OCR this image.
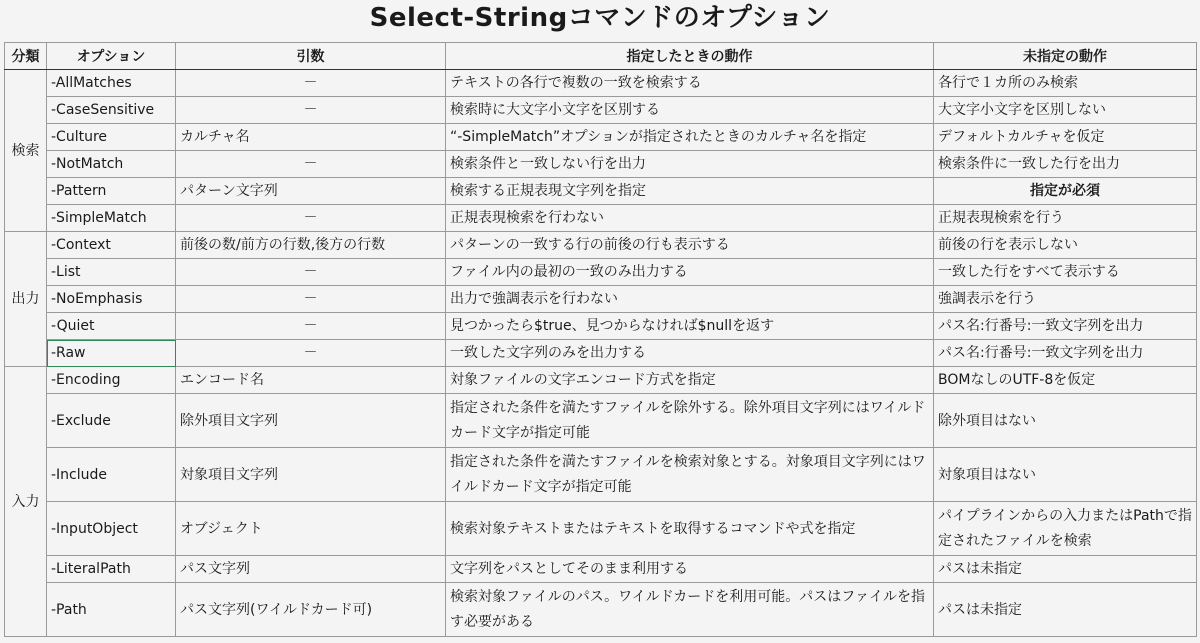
Select-Stringコマンドのオプション
分類	オプション	引数	指定したときの動作	未指定の動作
検索	-AllMatches	－	テキストの各行で複数の一致を検索する	各行で１カ所のみ検索
	-CaseSensitive	－	検索時に大文字小文字を区別する	大文字小文字を区別しない
	-Culture	カルチャ名	“-SimpleMatch”オプションが指定されたときのカルチャ名を指定	デフォルトカルチャを仮定
	-NotMatch	－	検索条件と一致しない行を出力	検索条件に一致した行を出力
	-Pattern	パターン文字列	検索する正規表現文字列を指定	指定が必須
	-SimpleMatch	－	正規表現検索を行わない	正規表現検索を行う
出力	-Context	前後の数/前方の行数,後方の行数	パターンの一致する行の前後の行も表示する	前後の行を表示しない
	-List	－	ファイル内の最初の一致のみ出力する	一致した行をすべて表示する
	-NoEmphasis	－	出力で強調表示を行わない	強調表示を行う
	-Quiet	－	見つかったら$true、見つからなければ$nullを返す	パス名:行番号:一致文字列を出力
	-Raw	－	一致した文字列のみを出力する	パス名:行番号:一致文字列を出力
入力	-Encoding	エンコード名	対象ファイルの文字エンコード方式を指定	BOMなしのUTF-8を仮定
	-Exclude	除外項目文字列	指定された条件を満たすファイルを除外する。除外項目文字列にはワイルドカード文字が指定可能	除外項目はない
	-Include	対象項目文字列	指定された条件を満たすファイルを検索対象とする。対象項目文字列にはワイルドカード文字が指定可能	対象項目はない
	-InputObject	オブジェクト	検索対象テキストまたはテキストを取得するコマンドや式を指定	パイプラインからの入力またはPathで指定されたファイルを検索
	-LiteralPath	パス文字列	文字列をパスとしてそのまま利用する	パスは未指定
	-Path	パス文字列(ワイルドカード可)	検索対象ファイルのパス。ワイルドカードを利用可能。パスはファイルを指す必要がある	パスは未指定
